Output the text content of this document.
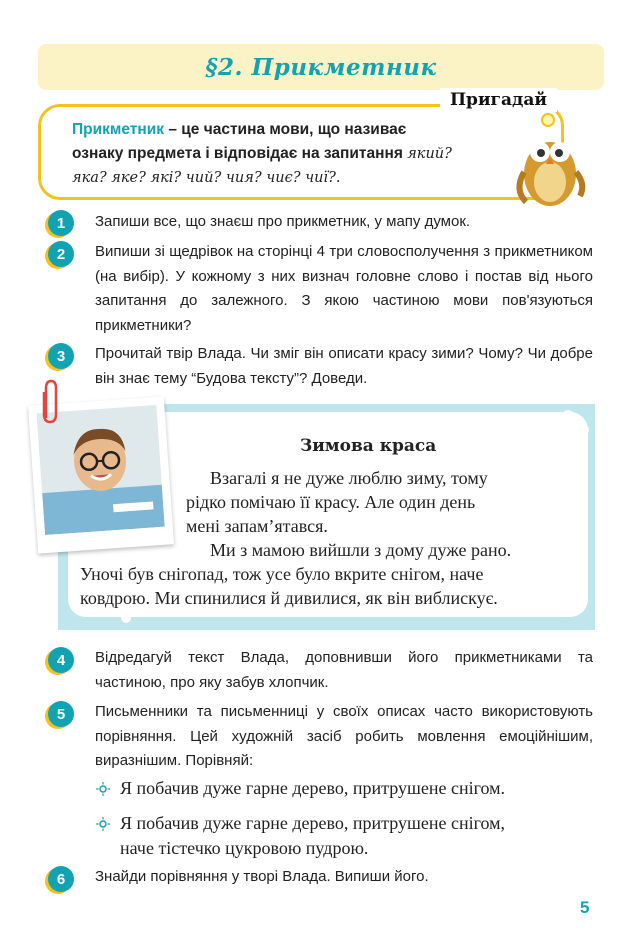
§2. Прикметник
Пригадай
Прикметник – це частина мови, що називає
ознаку предмета і відповідає на запитання який?
яка? яке? які? чий? чия? чиє? чиї?.
1	Запиши все, що знаєш про прикметник, у мапу думок.
2	Випиши зі щедрівок на сторінці 4 три словосполучення з прикметником (на вибір). У кожному з них визнач головне слово і постав від нього запитання до залежного. З якою частиною мови пов'язуються прикметники?
3	Прочитай твір Влада. Чи зміг він описати красу зими? Чому? Чи добре він знає тему “Будова тексту”? Доведи.
Зимова краса
Взагалі я не дуже люблю зиму, тому
рідко помічаю її красу. Але один день
мені запам’ятався.
Ми з мамою вийшли з дому дуже рано.
Уночі був снігопад, тож усе було вкрите снігом, наче
ковдрою. Ми спинилися й дивилися, як він виблискує.
4	Відредагуй текст Влада, доповнивши його прикметниками та частиною, про яку забув хлопчик.
5	Письменники та письменниці у своїх описах часто використовують порівняння. Цей художній засіб робить мовлення емоційнішим, виразнішим. Порівняй:
Я побачив дуже гарне дерево, притрушене снігом.
Я побачив дуже гарне дерево, притрушене снігом,
наче тістечко цукровою пудрою.
6	Знайди порівняння у творі Влада. Випиши його.
5
